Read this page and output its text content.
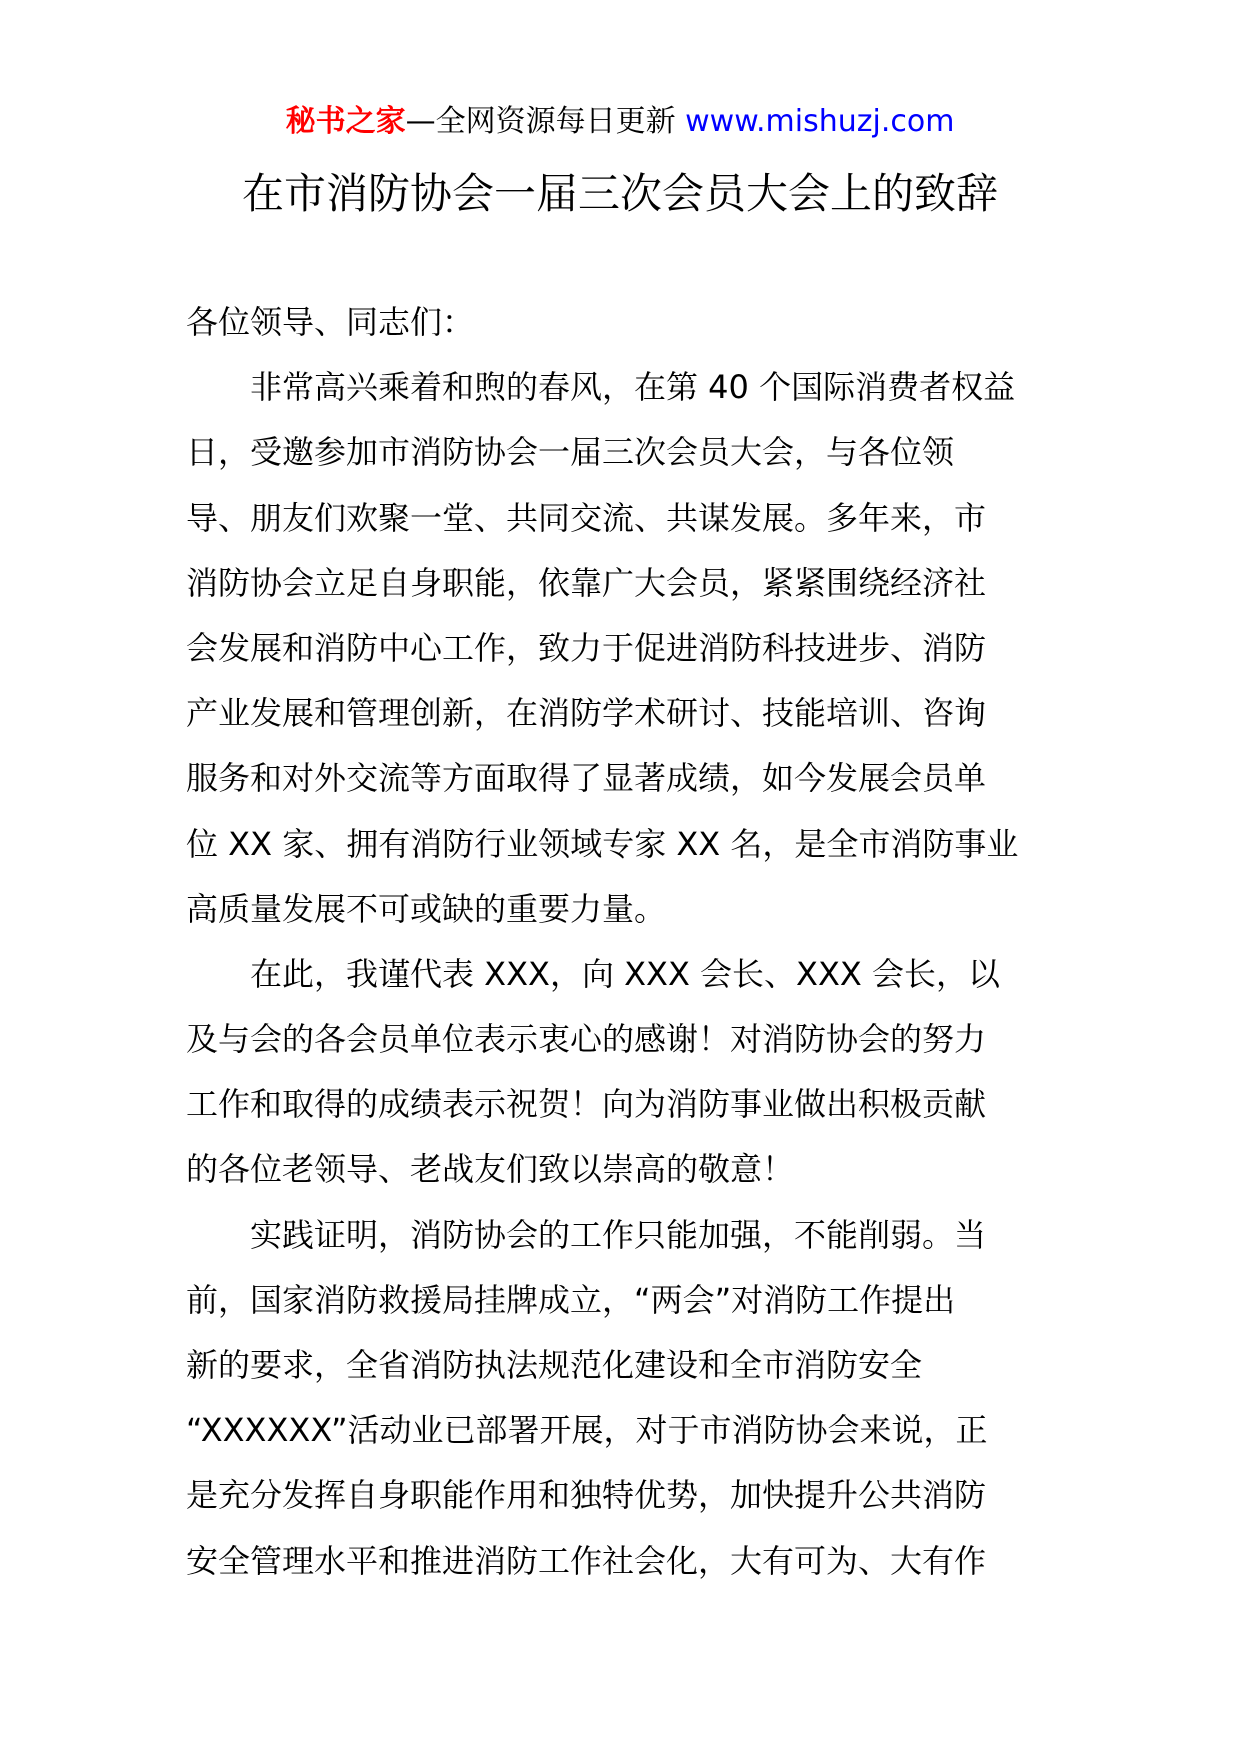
秘书之家—全网资源每日更新 www.mishuzj.com
在市消防协会一届三次会员大会上的致辞
各位领导、同志们：
非常高兴乘着和煦的春风，在第 40 个国际消费者权益
日，受邀参加市消防协会一届三次会员大会，与各位领
导、朋友们欢聚一堂、共同交流、共谋发展。多年来，市
消防协会立足自身职能，依靠广大会员，紧紧围绕经济社
会发展和消防中心工作，致力于促进消防科技进步、消防
产业发展和管理创新，在消防学术研讨、技能培训、咨询
服务和对外交流等方面取得了显著成绩，如今发展会员单
位 XX 家、拥有消防行业领域专家 XX 名，是全市消防事业
高质量发展不可或缺的重要力量。
在此，我谨代表 XXX，向 XXX 会长、XXX 会长，以
及与会的各会员单位表示衷心的感谢！对消防协会的努力
工作和取得的成绩表示祝贺！向为消防事业做出积极贡献
的各位老领导、老战友们致以崇高的敬意！
实践证明，消防协会的工作只能加强，不能削弱。当
前，国家消防救援局挂牌成立，“两会”对消防工作提出
新的要求，全省消防执法规范化建设和全市消防安全
“XXXXXX”活动业已部署开展，对于市消防协会来说，正
是充分发挥自身职能作用和独特优势，加快提升公共消防
安全管理水平和推进消防工作社会化，大有可为、大有作
